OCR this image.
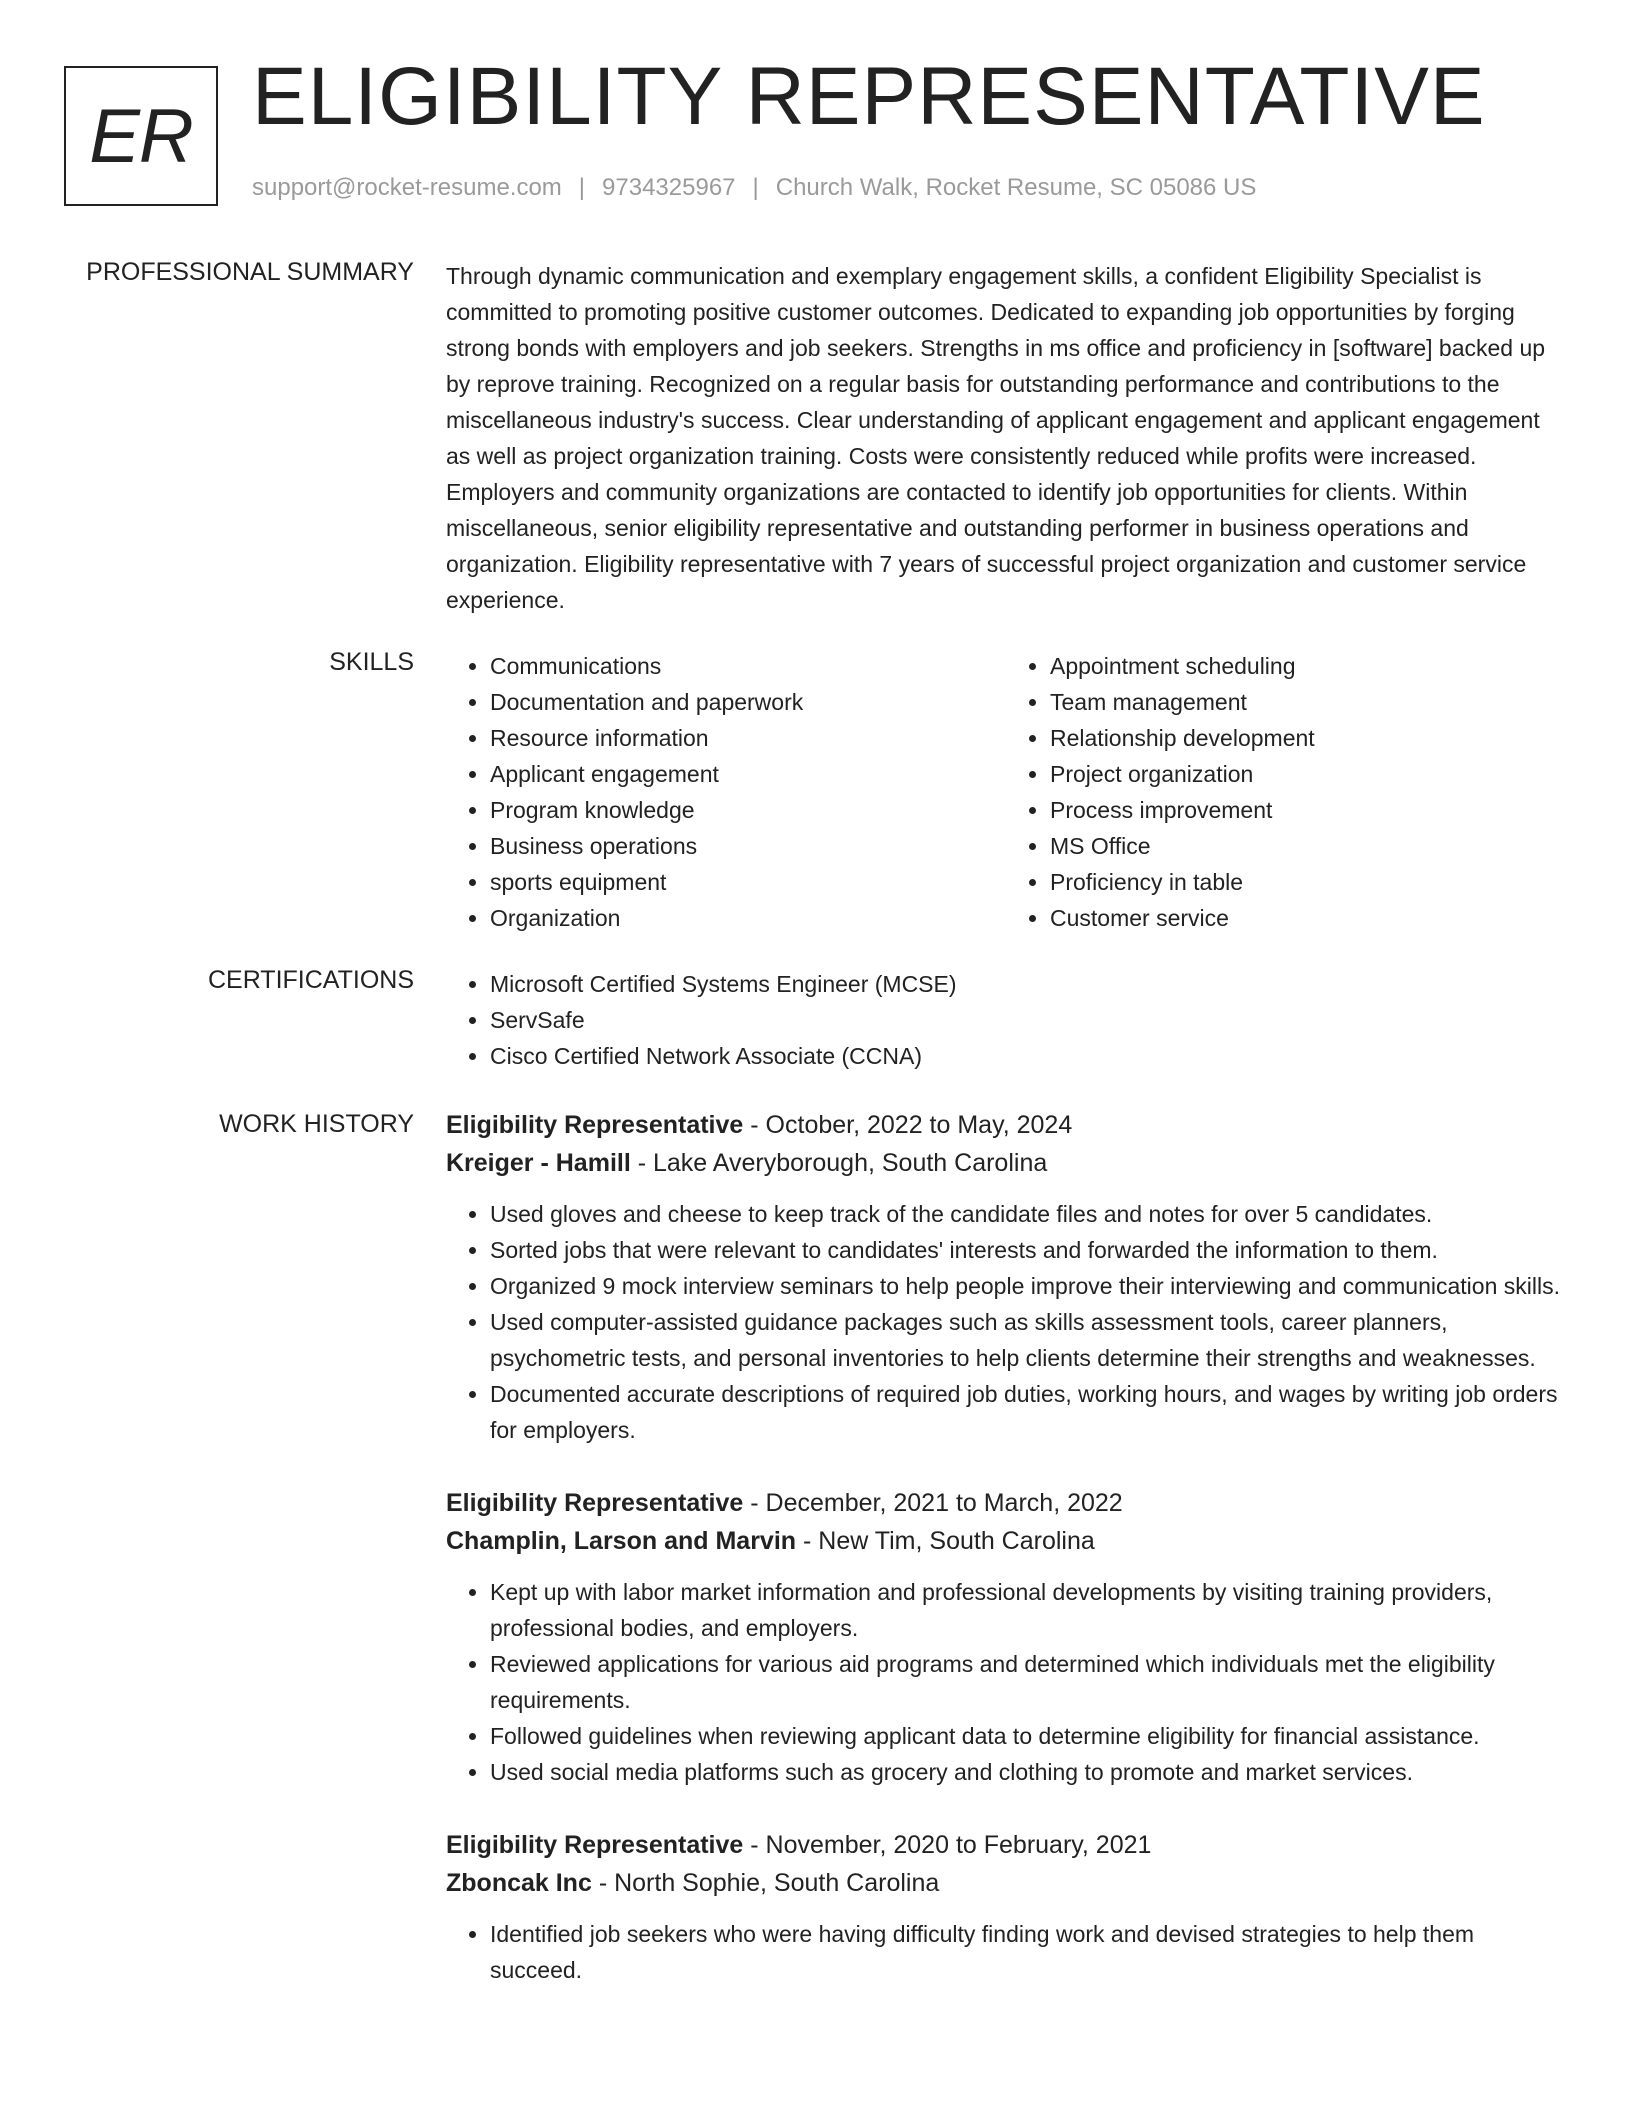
ER ELIGIBILITY REPRESENTATIVE
support@rocket-resume.com | 9734325967 | Church Walk, Rocket Resume, SC 05086 US
PROFESSIONAL SUMMARY Through dynamic communication and exemplary engagement skills, a confident Eligibility Specialist is committed to promoting positive customer outcomes. Dedicated to expanding job opportunities by forging strong bonds with employers and job seekers. Strengths in ms office and proficiency in [software] backed up by reprove training. Recognized on a regular basis for outstanding performance and contributions to the miscellaneous industry's success. Clear understanding of applicant engagement and applicant engagement as well as project organization training. Costs were consistently reduced while profits were increased. Employers and community organizations are contacted to identify job opportunities for clients. Within miscellaneous, senior eligibility representative and outstanding performer in business operations and organization. Eligibility representative with 7 years of successful project organization and customer service experience.

SKILLS	• Communications
• Documentation and paperwork
• Resource information
• Applicant engagement
• Program knowledge
• Business operations
• sports equipment
• Organization
• Appointment scheduling
• Team management
• Relationship development
• Project organization
• Process improvement
• MS Office
• Proficiency in table
• Customer service
CERTIFICATIONS	• Microsoft Certified Systems Engineer (MCSE)
• ServSafe
• Cisco Certified Network Associate (CCNA)
WORK HISTORY Eligibility Representative - October, 2022 to May, 2024
Kreiger - Hamill - Lake Averyborough, South Carolina
• Used gloves and cheese to keep track of the candidate files and notes for over 5 candidates.
• Sorted jobs that were relevant to candidates' interests and forwarded the information to them.
• Organized 9 mock interview seminars to help people improve their interviewing and communication skills.
• Used computer-assisted guidance packages such as skills assessment tools, career planners, psychometric tests, and personal inventories to help clients determine their strengths and weaknesses.
• Documented accurate descriptions of required job duties, working hours, and wages by writing job orders for employers.
Eligibility Representative - December, 2021 to March, 2022
Champlin, Larson and Marvin - New Tim, South Carolina
• Kept up with labor market information and professional developments by visiting training providers, professional bodies, and employers.
• Reviewed applications for various aid programs and determined which individuals met the eligibility requirements.
• Followed guidelines when reviewing applicant data to determine eligibility for financial assistance.
• Used social media platforms such as grocery and clothing to promote and market services.
Eligibility Representative - November, 2020 to February, 2021
Zboncak Inc - North Sophie, South Carolina
• Identified job seekers who were having difficulty finding work and devised strategies to help them succeed.
